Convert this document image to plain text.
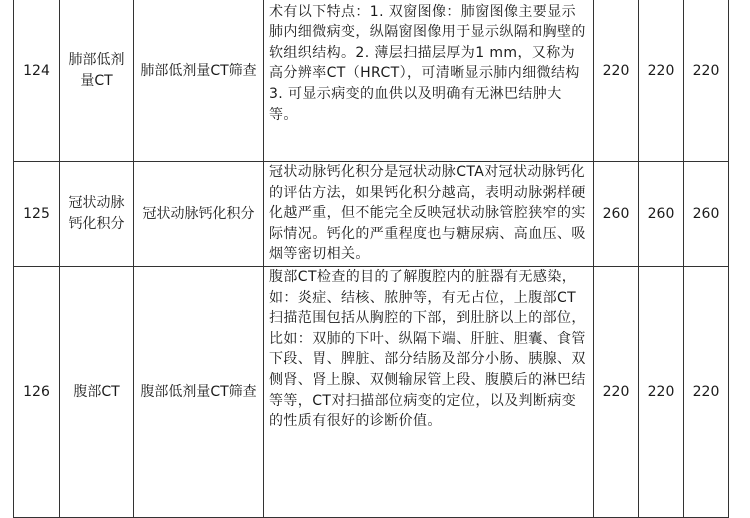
124	肺部低剂量CT	肺部低剂量CT筛查	术有以下特点：1. 双窗图像：肺窗图像主要显示肺内细微病变，纵隔窗图像用于显示纵隔和胸壁的软组织结构。2. 薄层扫描层厚为1 mm，又称为高分辨率CT（HRCT），可清晰显示肺内细微结构3. 可显示病变的血供以及明确有无淋巴结肿大等。	220	220	220
125	冠状动脉钙化积分	冠状动脉钙化积分	冠状动脉钙化积分是冠状动脉CTA对冠状动脉钙化的评估方法，如果钙化积分越高，表明动脉粥样硬化越严重，但不能完全反映冠状动脉管腔狭窄的实际情况。钙化的严重程度也与糖尿病、高血压、吸烟等密切相关。	260	260	260
126	腹部CT	腹部低剂量CT筛查	腹部CT检查的目的了解腹腔内的脏器有无感染，如：炎症、结核、脓肿等，有无占位，上腹部CT扫描范围包括从胸腔的下部，到肚脐以上的部位，比如：双肺的下叶、纵隔下端、肝脏、胆囊、食管下段、胃、脾脏、部分结肠及部分小肠、胰腺、双侧肾、肾上腺、双侧输尿管上段、腹膜后的淋巴结等等，CT对扫描部位病变的定位，以及判断病变的性质有很好的诊断价值。	220	220	220
